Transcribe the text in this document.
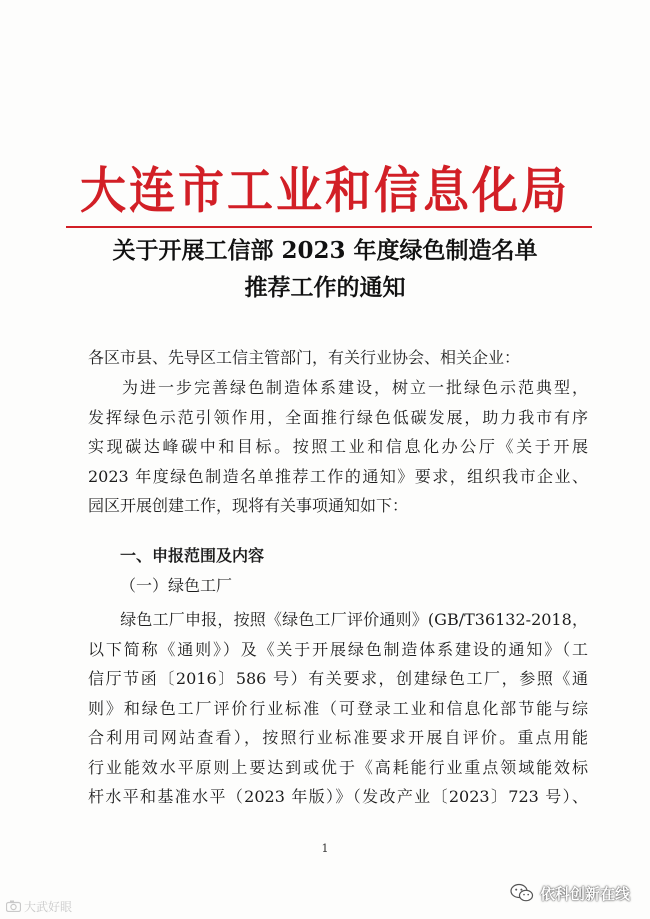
大连市工业和信息化局
关于开展工信部 2023 年度绿色制造名单
推荐工作的通知
各区市县、先导区工信主管部门，有关行业协会、相关企业：
为进一步完善绿色制造体系建设，树立一批绿色示范典型，
发挥绿色示范引领作用，全面推行绿色低碳发展，助力我市有序
实现碳达峰碳中和目标。按照工业和信息化办公厅《关于开展
2023 年度绿色制造名单推荐工作的通知》要求，组织我市企业、
园区开展创建工作，现将有关事项通知如下：
一、申报范围及内容
（一）绿色工厂
绿色工厂申报，按照《绿色工厂评价通则》(GB/T36132-2018，
以下简称《通则》）及《关于开展绿色制造体系建设的通知》（工
信厅节函〔2016〕586 号）有关要求，创建绿色工厂，参照《通
则》和绿色工厂评价行业标准（可登录工业和信息化部节能与综
合利用司网站查看），按照行业标准要求开展自评价。重点用能
行业能效水平原则上要达到或优于《高耗能行业重点领域能效标
杆水平和基准水平（2023 年版）》（发改产业〔2023〕723 号）、
1
大武好眼
依科创新在线
